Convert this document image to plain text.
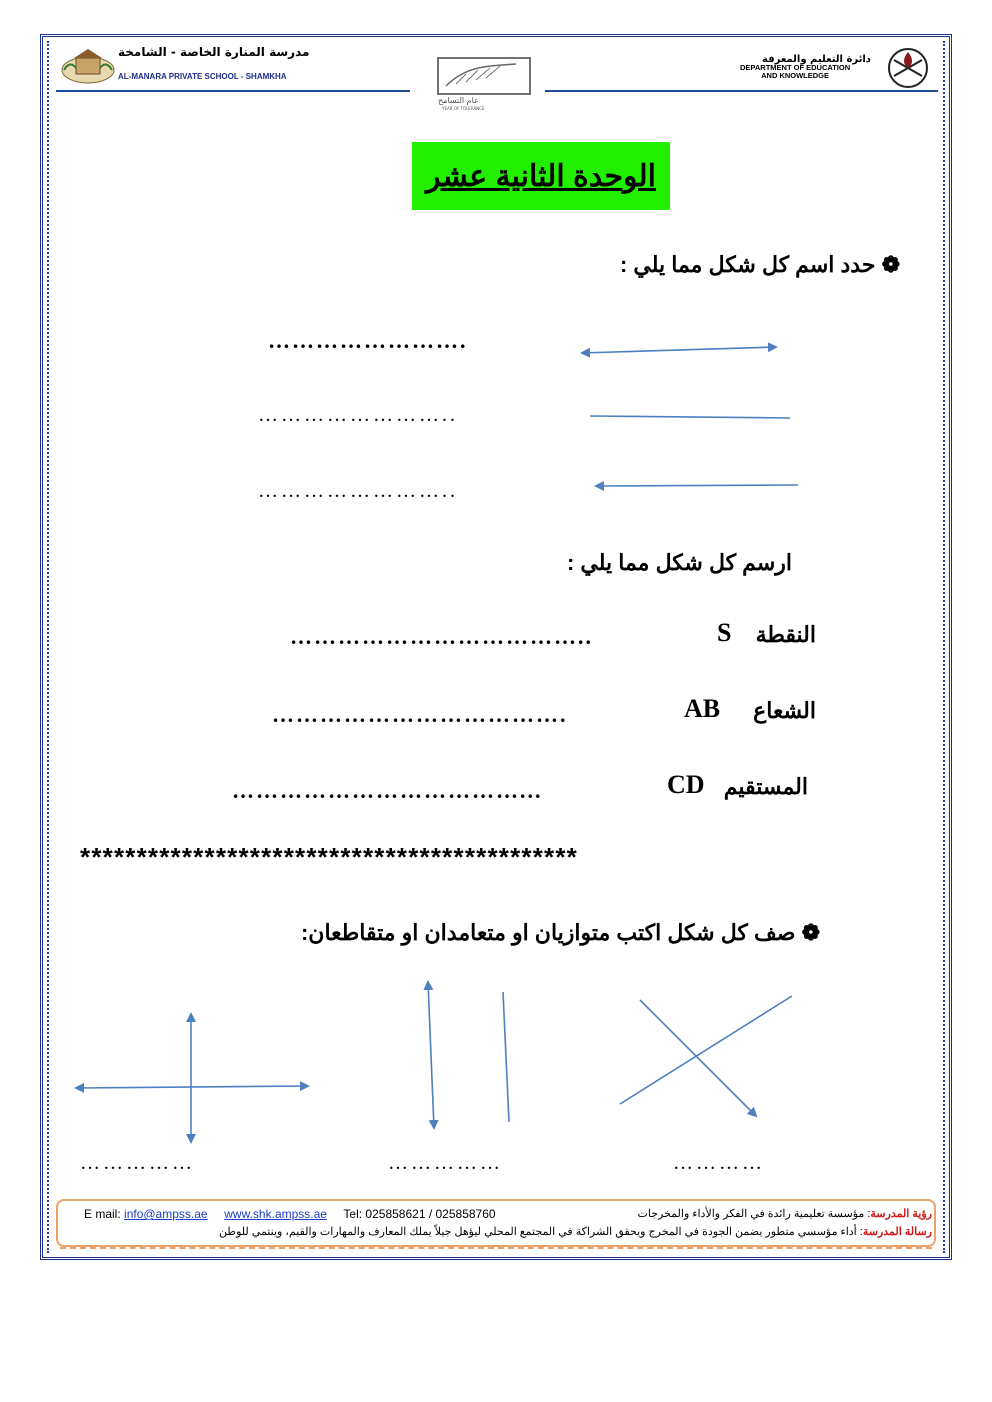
مدرسة المنارة الخاصة - الشامخة
AL-MANARA PRIVATE SCHOOL - SHAMKHA
عام التسامح
YEAR OF TOLERANCE
دائرة التعليم والمعرفة
DEPARTMENT OF EDUCATION
AND KNOWLEDGE
الوحدة الثانية عشر
❁ حدد اسم كل شكل مما يلي :
…………………….
……………………..
……………………..
ارسم كل شكل مما يلي :
النقطة
S
………………………………..
الشعاع
AB
……………………………….
المستقيم
CD
………………………………...
********************************************
❁ صف كل شكل اكتب متوازيان او متعامدان او متقاطعان:
……………	……………	…………
E mail: info@ampss.ae www.shk.ampss.ae Tel: 025858621 / 025858760	رؤية المدرسة: مؤسسة تعليمية رائدة في الفكر والأداء والمخرجات
رسالة المدرسة: أداء مؤسسي متطور يضمن الجودة في المخرج ويحقق الشراكة في المجتمع المحلي ليؤهل جيلاً يملك المعارف والمهارات والقيم، وينتمي للوطن
